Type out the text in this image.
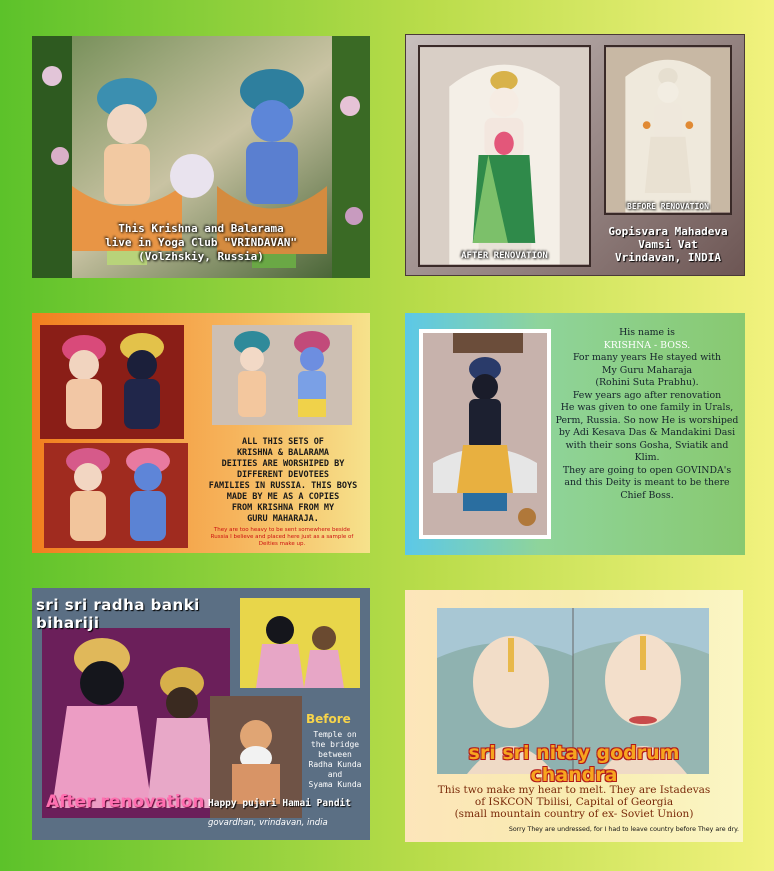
This Krishna and Balarama
live in Yoga Club "VRINDAVAN"
(Volzhskiy, Russia)	AFTER RENOVATION
BEFORE RENOVATION
Gopisvara Mahadeva
Vamsi Vat
Vrindavan, INDIA
ALL THIS SETS OF
KRISHNA & BALARAMA
DEITIES ARE WORSHIPED BY
DIFFERENT DEVOTEES
FAMILIES IN RUSSIA. THIS BOYS
MADE BY ME AS A COPIES
FROM KRISHNA FROM MY
GURU MAHARAJA.
They are too heavy to be sent somewhere beside
Russia I believe and placed here just as a sample of
Deities make up.
His name is
KRISHNA - BOSS.
For many years He stayed with
My Guru Maharaja
(Rohini Suta Prabhu).
Few years ago after renovation
He was given to one family in Urals,
Perm, Russia. So now He is worshiped
by Adi Kesava Das & Mandakini Dasi
with their sons Gosha, Sviatik and Klim.
They are going to open GOVINDA's
and this Deity is meant to be there
Chief Boss.
sri sri radha banki bihariji
After renovation
Before
Temple on
the bridge
between
Radha Kunda
and
Syama Kunda
Happy pujari Hamai Pandit
govardhan, vrindavan, india
sri sri nitay godrum chandra
This two make my hear to melt. They are Istadevas
of ISKCON Tbilisi, Capital of Georgia
(small mountain country of ex- Soviet Union)
Sorry They are undressed, for I had to leave country before They are dry.
